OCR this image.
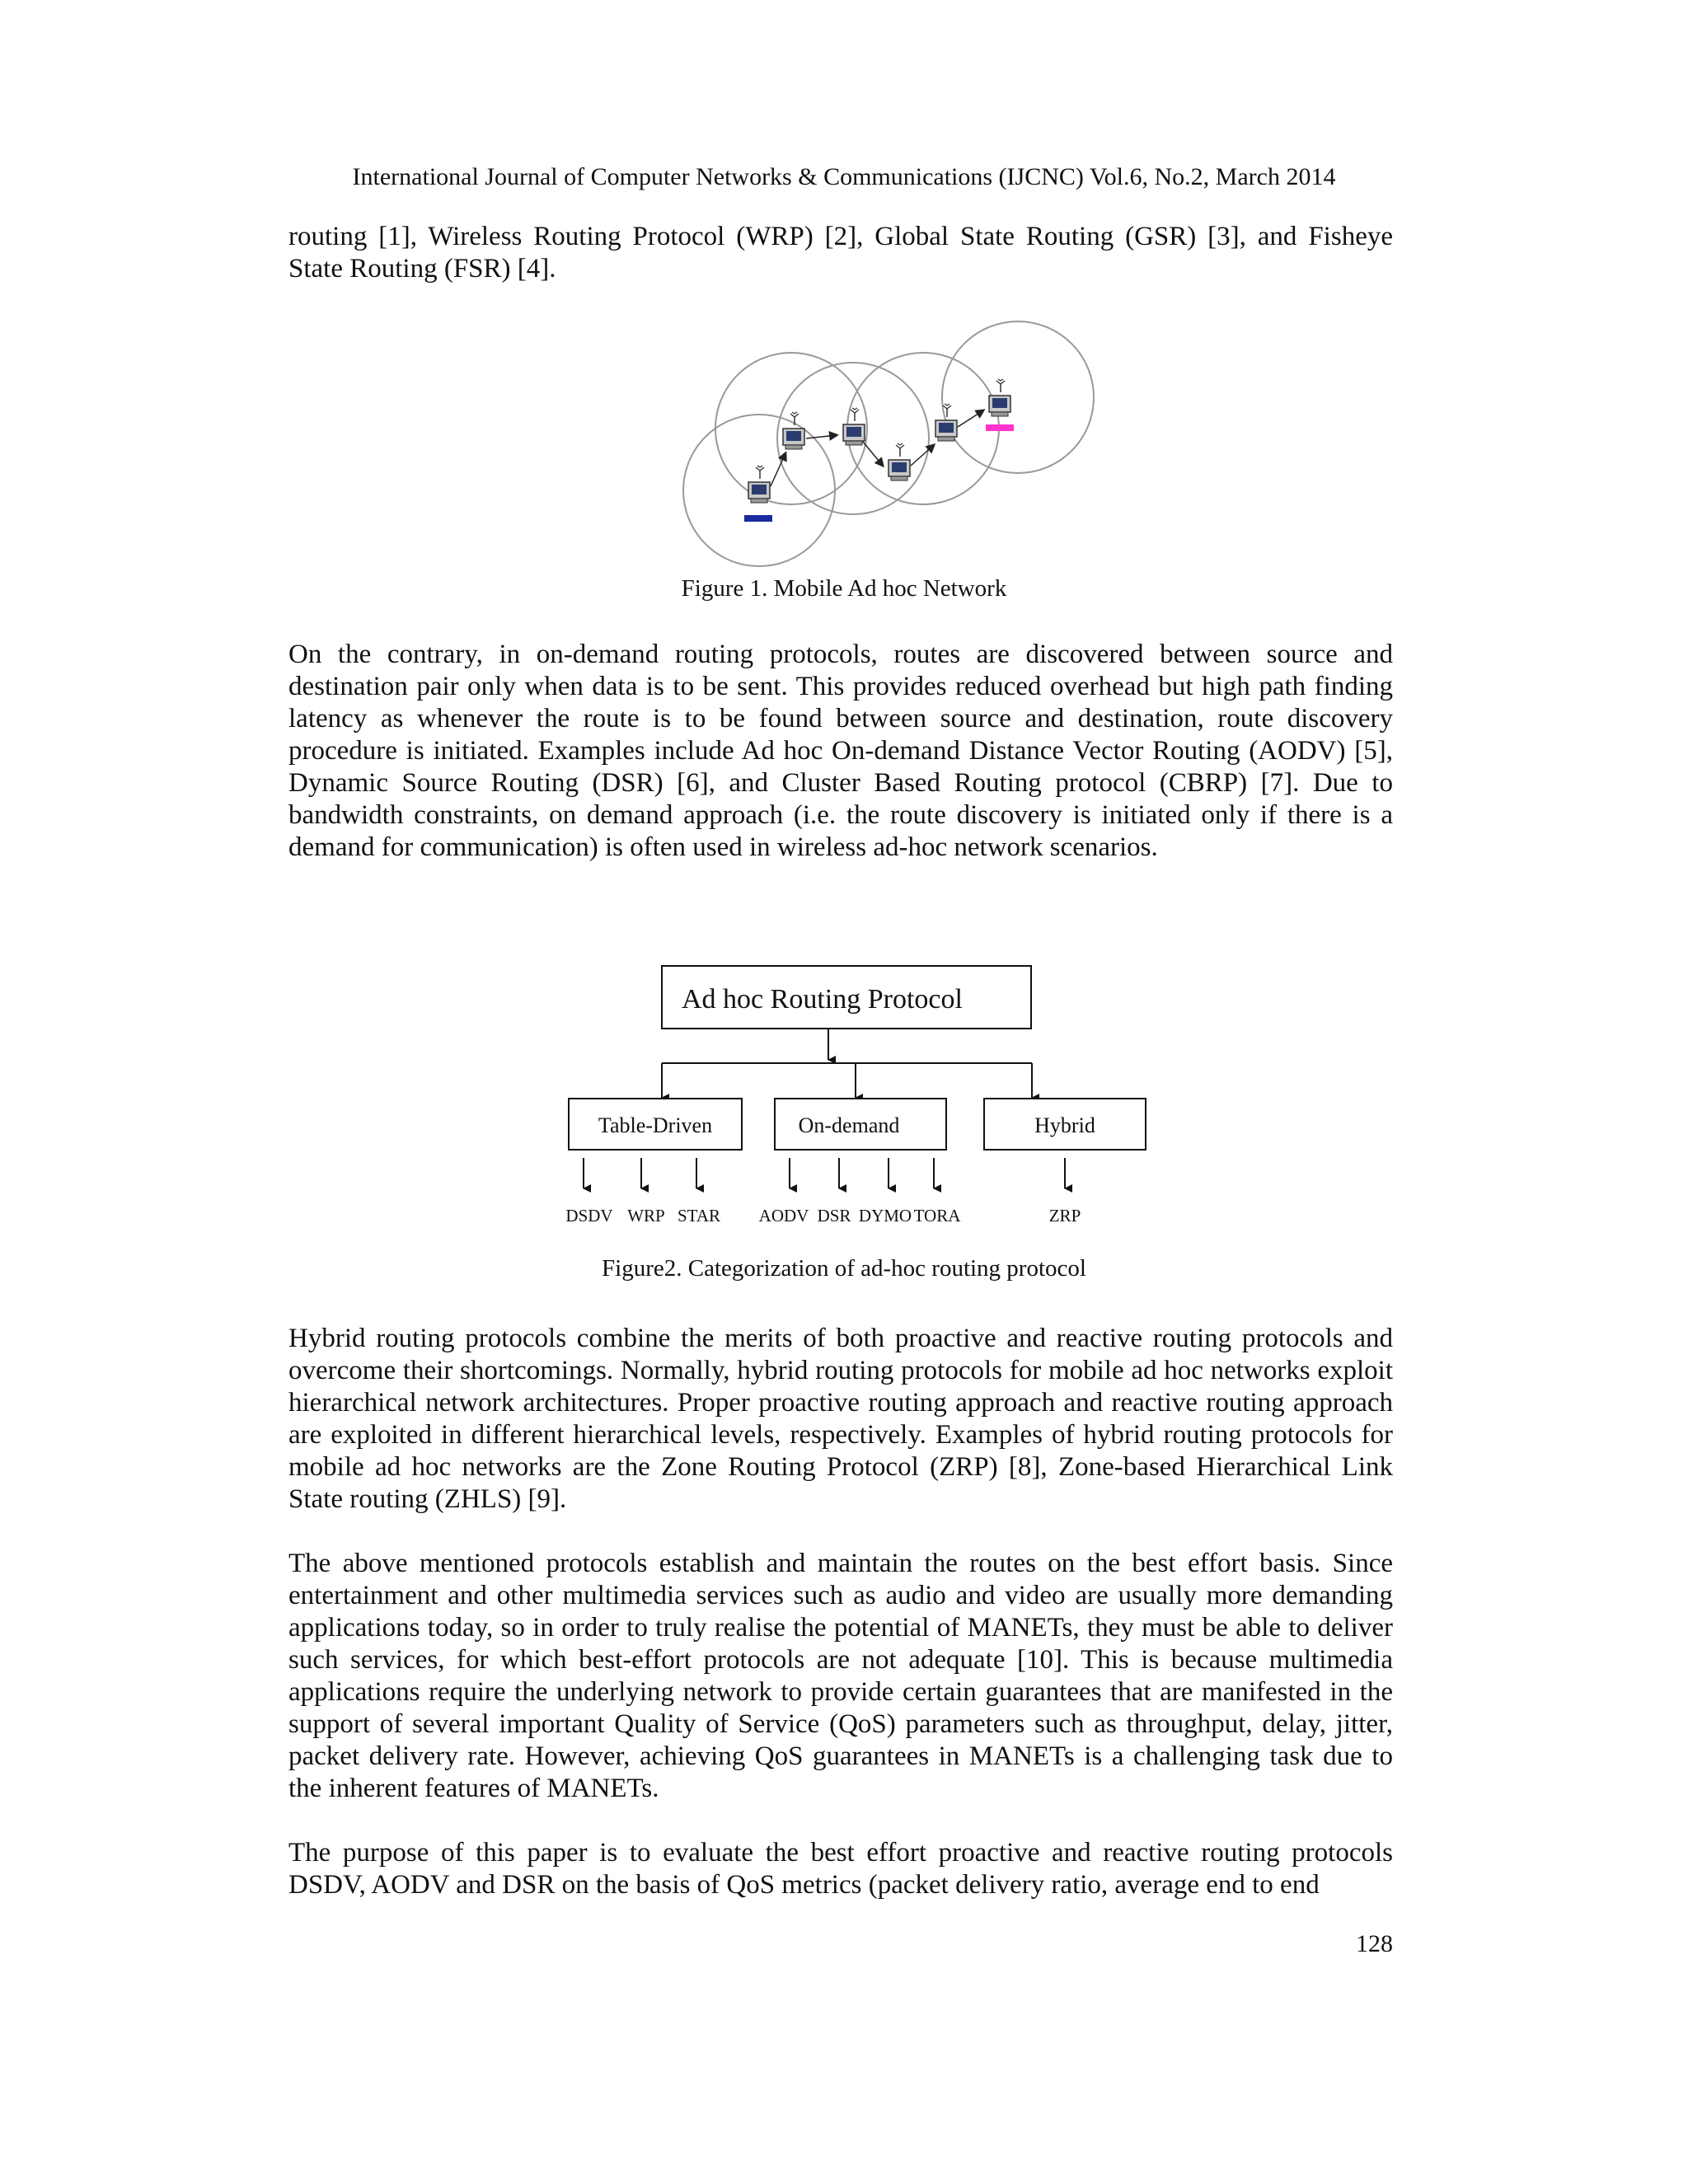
International Journal of Computer Networks & Communications (IJCNC) Vol.6, No.2, March 2014

routing [1], Wireless Routing Protocol (WRP) [2], Global State Routing (GSR) [3], and Fisheye State Routing (FSR) [4].

Figure 1. Mobile Ad hoc Network

On the contrary, in on-demand routing protocols, routes are discovered between source and destination pair only when data is to be sent. This provides reduced overhead but high path finding latency as whenever the route is to be found between source and destination, route discovery procedure is initiated. Examples include Ad hoc On-demand Distance Vector Routing (AODV) [5], Dynamic Source Routing (DSR) [6], and Cluster Based Routing protocol (CBRP) [7]. Due to bandwidth constraints, on demand approach (i.e. the route discovery is initiated only if there is a demand for communication) is often used in wireless ad-hoc network scenarios.

Ad hoc Routing Protocol
Table-Driven	On-demand	Hybrid
DSDV WRP STAR AODV DSR DYMO TORA	ZRP
Figure2. Categorization of ad-hoc routing protocol

Hybrid routing protocols combine the merits of both proactive and reactive routing protocols and overcome their shortcomings. Normally, hybrid routing protocols for mobile ad hoc networks exploit hierarchical network architectures. Proper proactive routing approach and reactive routing approach are exploited in different hierarchical levels, respectively. Examples of hybrid routing protocols for mobile ad hoc networks are the Zone Routing Protocol (ZRP) [8], Zone-based Hierarchical Link State routing (ZHLS) [9].

The above mentioned protocols establish and maintain the routes on the best effort basis. Since entertainment and other multimedia services such as audio and video are usually more demanding applications today, so in order to truly realise the potential of MANETs, they must be able to deliver such services, for which best-effort protocols are not adequate [10]. This is because multimedia applications require the underlying network to provide certain guarantees that are manifested in the support of several important Quality of Service (QoS) parameters such as throughput, delay, jitter, packet delivery rate. However, achieving QoS guarantees in MANETs is a challenging task due to the inherent features of MANETs.

The purpose of this paper is to evaluate the best effort proactive and reactive routing protocols DSDV, AODV and DSR on the basis of QoS metrics (packet delivery ratio, average end to end

128
